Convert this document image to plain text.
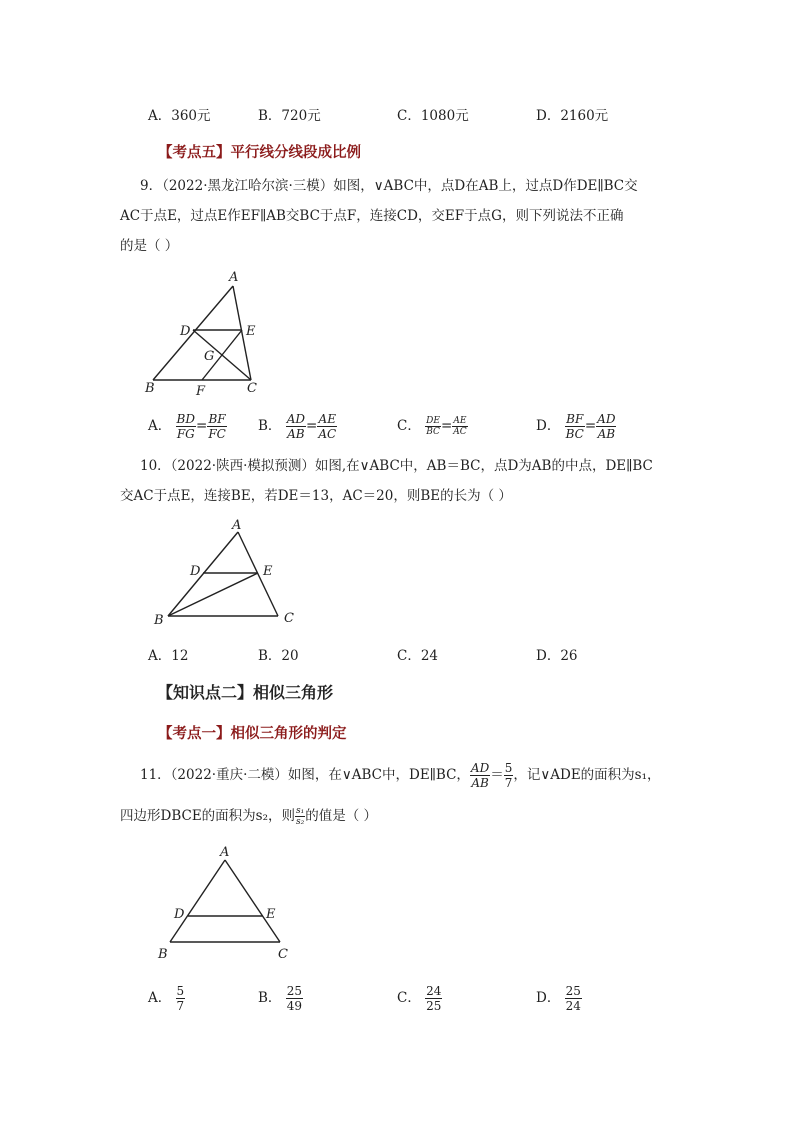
A．360元	B．720元	C．1080元	D．2160元
【考点五】平行线分线段成比例
9．（2022·黑龙江哈尔滨·三模）如图，∨ABC中，点D在AB上，过点D作DE∥BC交
AC于点E，过点E作EF∥AB交BC于点F，连接CD，交EF于点G，则下列说法不正确
的是（ ）
A
D	E
G
B	F	C
A． $\frac{BD}{FG} = \frac{BF}{FC}$ B． $\frac{AD}{AB} = \frac{AE}{AC}$	C． $\frac{DE}{BC} = \frac{AE}{AC}$	D． $\frac{BF}{BC} = \frac{AD}{AB}$
10．（2022·陕西·模拟预测）如图,在∨ABC中，AB＝BC，点D为AB的中点，DE∥BC
交AC于点E，连接BE，若DE＝13，AC＝20，则BE的长为（ ）
A
D	E
B	C
A．12	B．20	C．24	D．26
【知识点二】相似三角形
【考点一】相似三角形的判定
11．（2022·重庆·二模）如图，在∨ABC中，DE∥BC， $\frac{AD}{AB} = \frac{5}{7}$ ，记∨ADE的面积为s₁，
四边形DBCE的面积为s₂，则 $\frac{\text{s₁}}{\text{s₂}}$ 的值是（ ）
A
D	E
B	C
A． $\frac{5}{7}$	B． $\frac{25}{49}$	C． $\frac{24}{25}$	D． $\frac{25}{24}$
